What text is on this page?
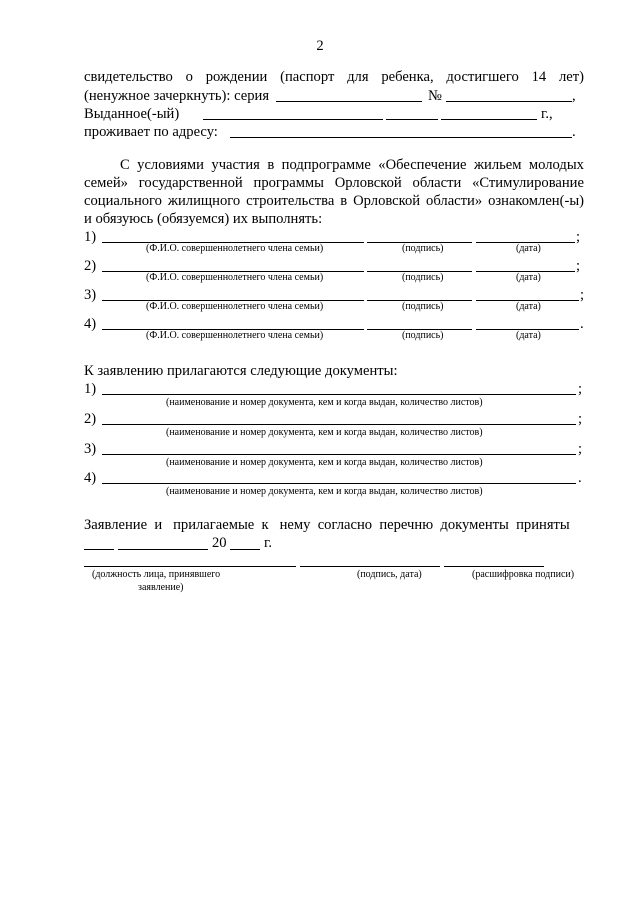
2
свидетельство о рождении (паспорт для ребенка, достигшего 14 лет)
(ненужное зачеркнуть): серия	№	,
Выданное(-ый)	г.,
проживает по адресу:	.
С условиями участия в подпрограмме «Обеспечение жильем молодых
семей» государственной программы Орловской области «Стимулирование
социального жилищного строительства в Орловской области» ознакомлен(-ы)
и обязуюсь (обязуемся) их выполнять:
1)	;
(Ф.И.О. совершеннолетнего члена семьи)	(подпись)	(дата)
2)	;
(Ф.И.О. совершеннолетнего члена семьи)	(подпись)	(дата)
3)	;
(Ф.И.О. совершеннолетнего члена семьи)	(подпись)	(дата)
4)	.
(Ф.И.О. совершеннолетнего члена семьи)	(подпись)	(дата)
К заявлению прилагаются следующие документы:
1)	;
(наименование и номер документа, кем и когда выдан, количество листов)
2)	;
(наименование и номер документа, кем и когда выдан, количество листов)
3)	;
(наименование и номер документа, кем и когда выдан, количество листов)
4)	.
(наименование и номер документа, кем и когда выдан, количество листов)
Заявление  и   прилагаемые  к   нему  согласно  перечню  документы  приняты
20	г.
(должность лица, принявшего
заявление)
(подпись, дата)	(расшифровка подписи)
